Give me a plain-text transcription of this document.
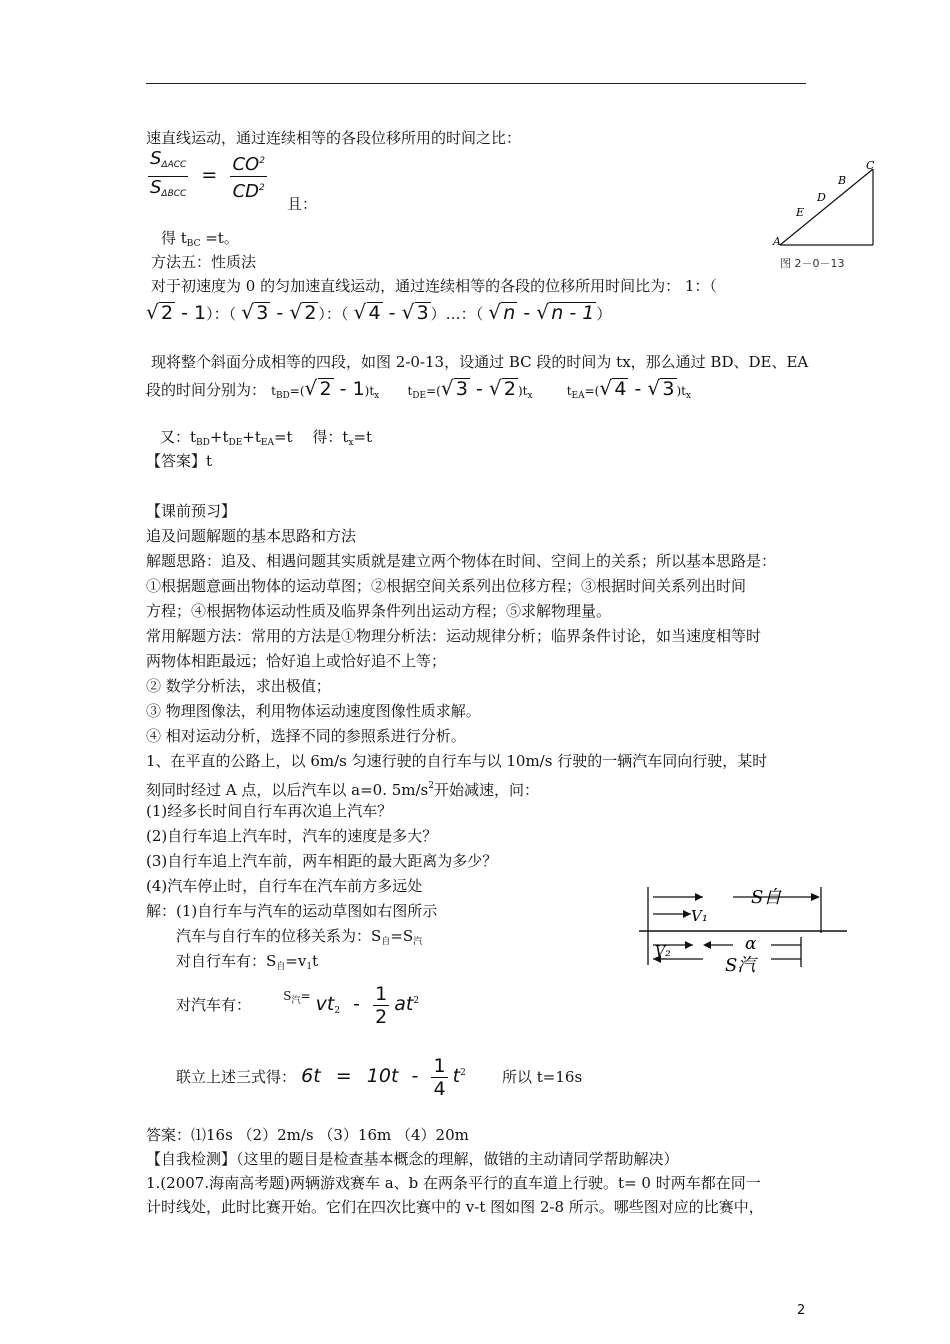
速直线运动，通过连续相等的各段位移所用的时间之比：
$\frac{S_{\Delta ACC}}{S_{\Delta BCC}} = \frac{CO^2}{CD^2}$
且：
A
E
D
B
C
图 2－0－13
得 $t_{BC} =t$。
方法五：性质法
对于初速度为 0 的匀加速直线运动，通过连续相等的各段的位移所用时间比为： 1：（
√ 2 - 1）：（ √ 3 - √ 2 ）：（ √ 4 - √ 3 ）…：（ √ n - √ n - 1 ）
现将整个斜面分成相等的四段，如图 2-0-13，设通过 BC 段的时间为 tx，那么通过 BD、DE、EA
段的时间分别为： $t_{BD}=(√$ $2 - 1)t_x$ $t_{DE}=(√$ 3 - √ 2 )$t_x$	$t_{EA}=(√$ 4 - √ 3 )$t_x$
又：$t_{BD}+t_{DE}+t_{EA}=t$　 得：$t_x=t$
【答案】t
【课前预习】
追及问题解题的基本思路和方法
解题思路：追及、相遇问题其实质就是建立两个物体在时间、空间上的关系；所以基本思路是：
①根据题意画出物体的运动草图；②根据空间关系列出位移方程；③根据时间关系列出时间
方程；④根据物体运动性质及临界条件列出运动方程；⑤求解物理量。
常用解题方法：常用的方法是①物理分析法：运动规律分析；临界条件讨论，如当速度相等时
两物体相距最远；恰好追上或恰好追不上等；
② 数学分析法，求出极值；
③ 物理图像法，利用物体运动速度图像性质求解。
④ 相对运动分析，选择不同的参照系进行分析。
1、在平直的公路上，以 6m/s 匀速行驶的自行车与以 10m/s 行驶的一辆汽车同向行驶，某时
刻同时经过 A 点，以后汽车以 a=0. $5m/s^2$开始减速，问：
(1)经多长时间自行车再次追上汽车？
(2)自行车追上汽车时，汽车的速度是多大？
(3)自行车追上汽车前，两车相距的最大距离为多少？
(4)汽车停止时，自行车在汽车前方多远处
解：(1)自行车与汽车的运动草图如右图所示
汽车与自行车的位移关系为：$S_自=S_汽$
对自行车有：$S_自=v_1t$
对汽车有：	$^{S_汽=}$ $vt_2 - \frac{1}{2} at^2$
联立上述三式得： $6t = 10t - \frac{1}{4} t^2$ 所以 t=16s
S自
V₁
α
V₂
S汽
答案：⑴16s （2）2m/s （3）16m （4）20m
【自我检测】（这里的题目是检查基本概念的理解，做错的主动请同学帮助解决）
1.(2007.海南高考题)两辆游戏赛车 a、b 在两条平行的直车道上行驶。t= 0 时两车都在同一
计时线处，此时比赛开始。它们在四次比赛中的 v-t 图如图 2-8 所示。哪些图对应的比赛中，
2
